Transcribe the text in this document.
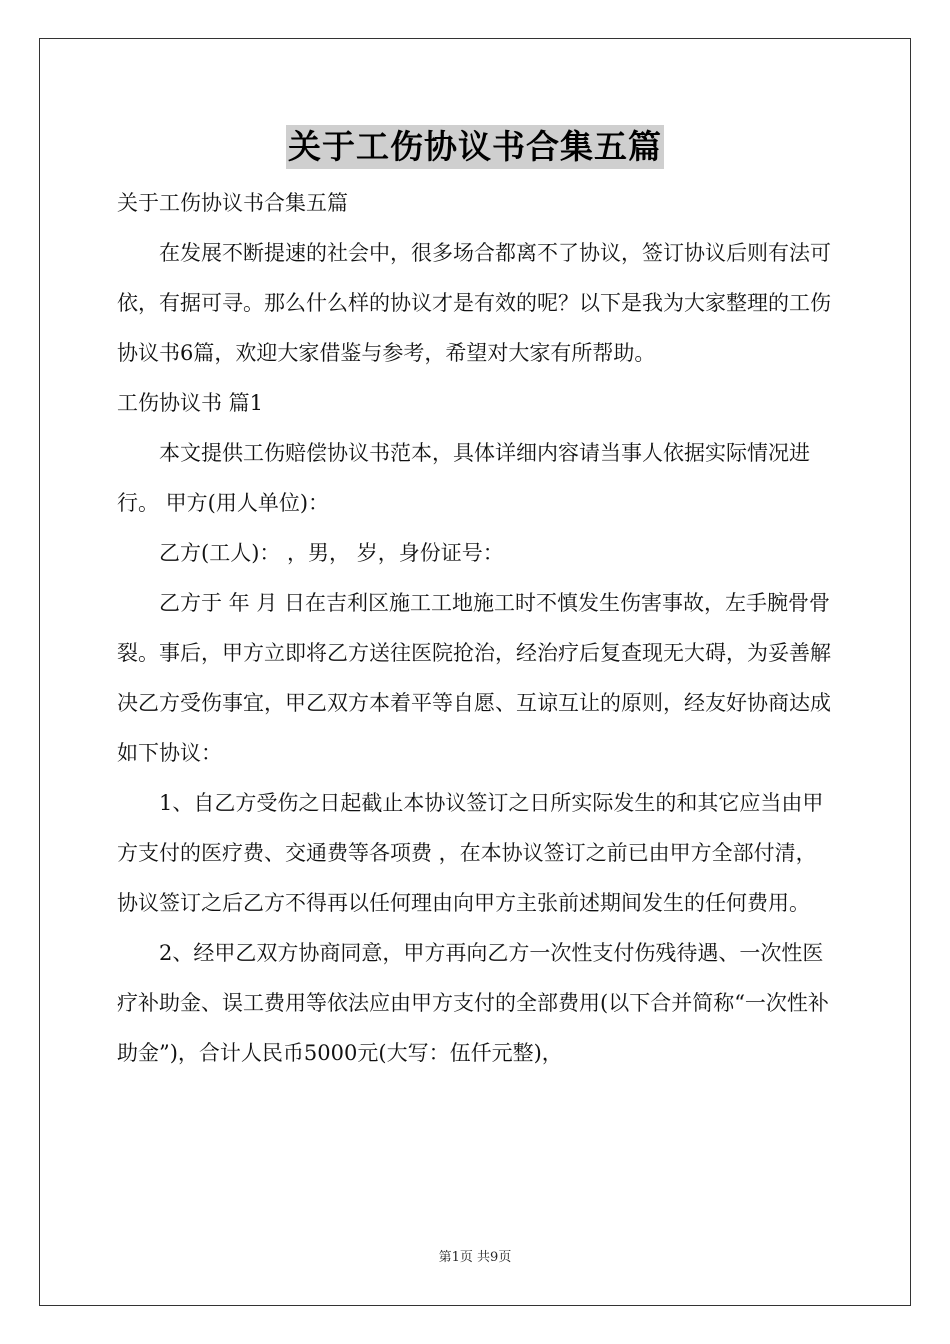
关于工伤协议书合集五篇

关于工伤协议书合集五篇

在发展不断提速的社会中，很多场合都离不了协议，签订协议后则有法可依，有据可寻。那么什么样的协议才是有效的呢？以下是我为大家整理的工伤协议书6篇，欢迎大家借鉴与参考，希望对大家有所帮助。

工伤协议书 篇1

本文提供工伤赔偿协议书范本，具体详细内容请当事人依据实际情况进行。 甲方(用人单位)：

乙方(工人)： ，男， 岁，身份证号：

乙方于 年 月 日在吉利区施工工地施工时不慎发生伤害事故，左手腕骨骨裂。事后，甲方立即将乙方送往医院抢治，经治疗后复查现无大碍，为妥善解决乙方受伤事宜，甲乙双方本着平等自愿、互谅互让的原则，经友好协商达成如下协议：

1、自乙方受伤之日起截止本协议签订之日所实际发生的和其它应当由甲方支付的医疗费、交通费等各项费 ，在本协议签订之前已由甲方全部付清，协议签订之后乙方不得再以任何理由向甲方主张前述期间发生的任何费用。

2、经甲乙双方协商同意，甲方再向乙方一次性支付伤残待遇、一次性医疗补助金、误工费用等依法应由甲方支付的全部费用(以下合并简称“一次性补助金”)，合计人民币5000元(大写：伍仟元整)，

第1页 共9页
